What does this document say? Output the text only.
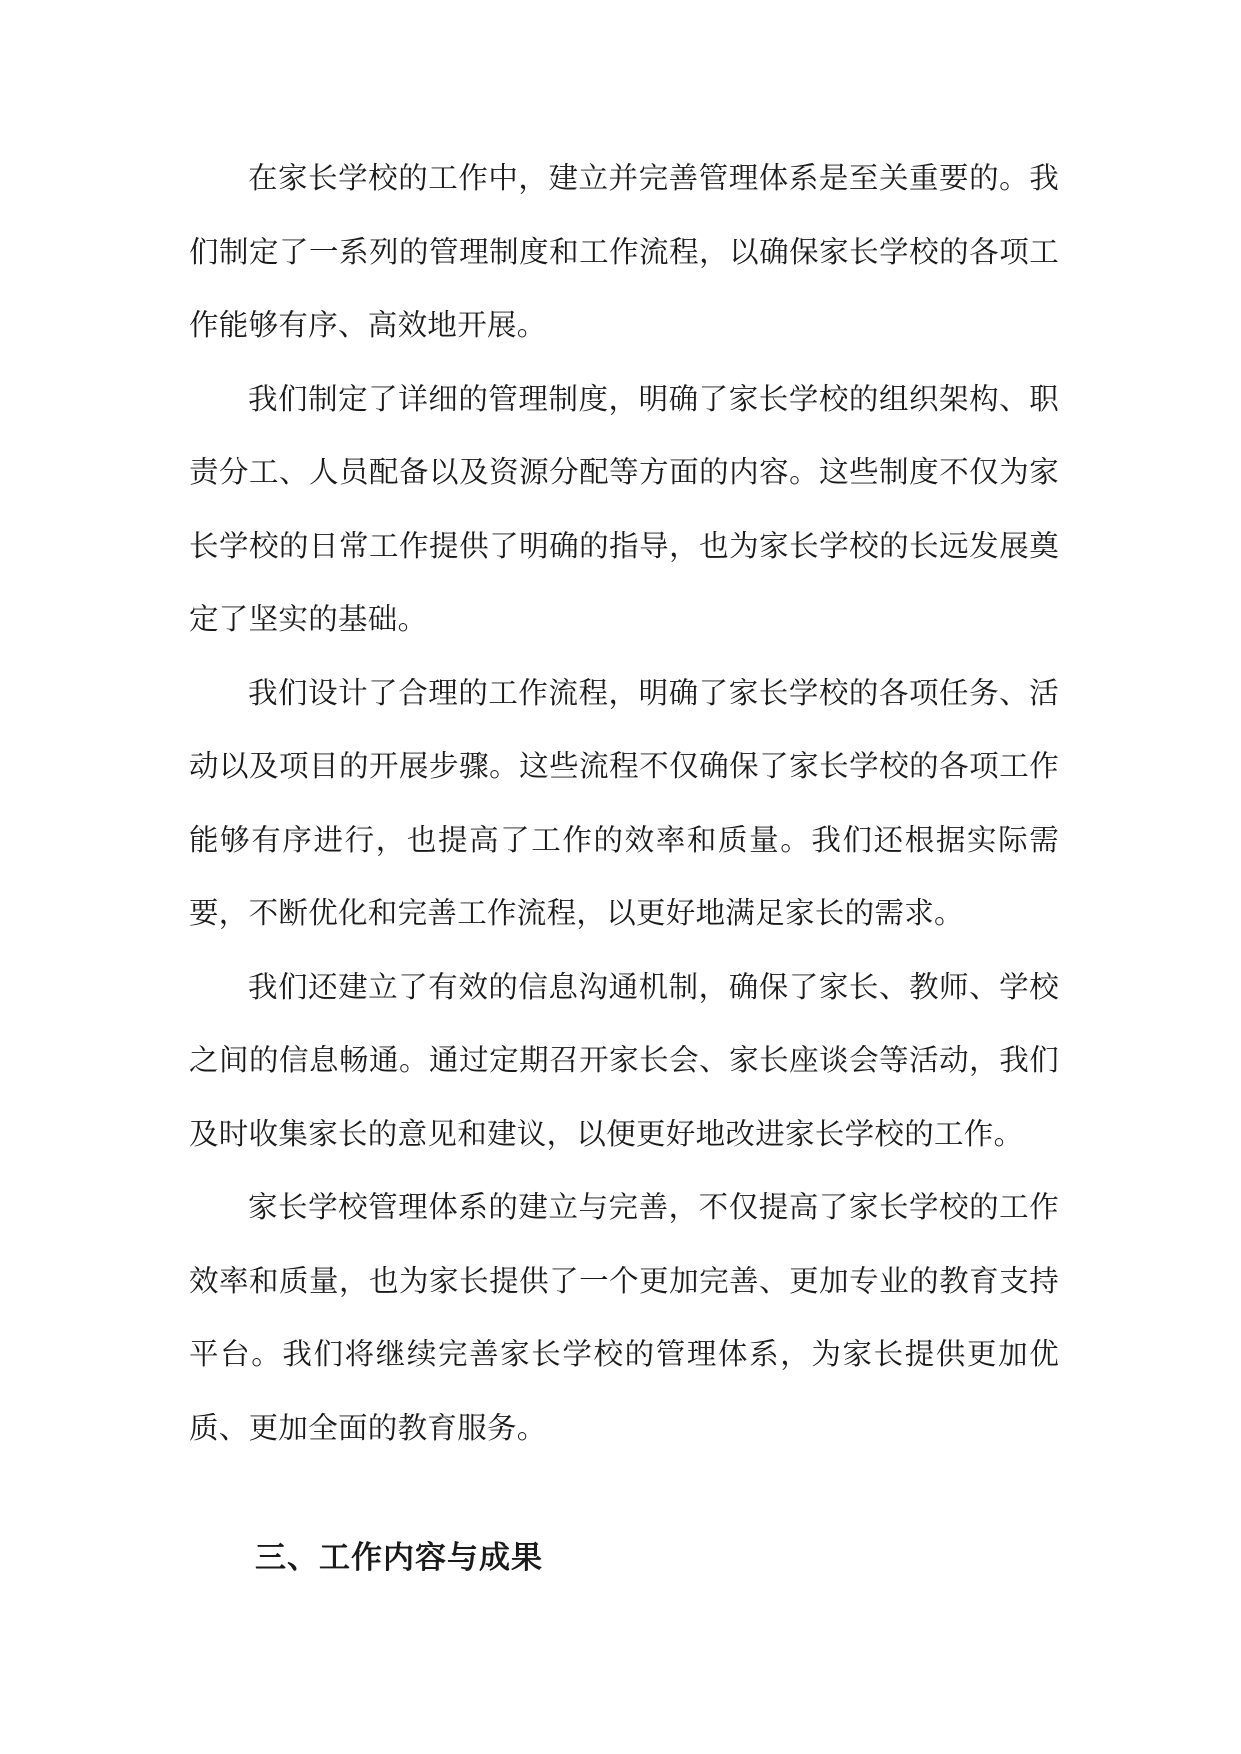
在家长学校的工作中，建立并完善管理体系是至关重要的。我们制定了一系列的管理制度和工作流程，以确保家长学校的各项工作能够有序、高效地开展。

我们制定了详细的管理制度，明确了家长学校的组织架构、职责分工、人员配备以及资源分配等方面的内容。这些制度不仅为家长学校的日常工作提供了明确的指导，也为家长学校的长远发展奠定了坚实的基础。

我们设计了合理的工作流程，明确了家长学校的各项任务、活动以及项目的开展步骤。这些流程不仅确保了家长学校的各项工作能够有序进行，也提高了工作的效率和质量。我们还根据实际需要，不断优化和完善工作流程，以更好地满足家长的需求。

我们还建立了有效的信息沟通机制，确保了家长、教师、学校之间的信息畅通。通过定期召开家长会、家长座谈会等活动，我们及时收集家长的意见和建议，以便更好地改进家长学校的工作。

家长学校管理体系的建立与完善，不仅提高了家长学校的工作效率和质量，也为家长提供了一个更加完善、更加专业的教育支持平台。我们将继续完善家长学校的管理体系，为家长提供更加优质、更加全面的教育服务。

三、工作内容与成果
